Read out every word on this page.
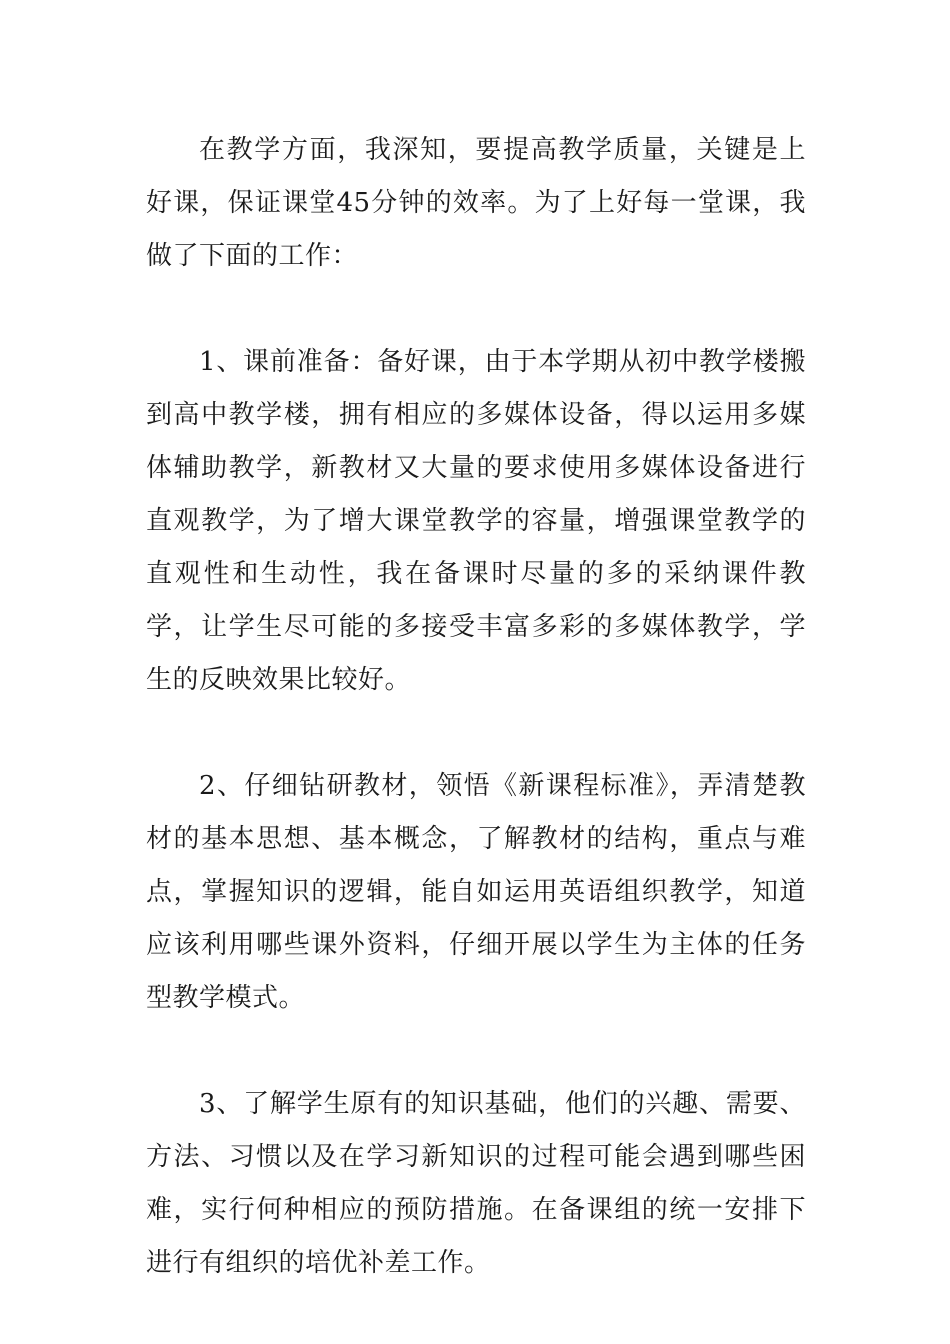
在教学方面，我深知，要提高教学质量，关键是上好课，保证课堂45分钟的效率。为了上好每一堂课，我做了下面的工作：

1、课前准备：备好课，由于本学期从初中教学楼搬到高中教学楼，拥有相应的多媒体设备，得以运用多媒体辅助教学，新教材又大量的要求使用多媒体设备进行直观教学，为了增大课堂教学的容量，增强课堂教学的直观性和生动性，我在备课时尽量的多的采纳课件教学，让学生尽可能的多接受丰富多彩的多媒体教学，学生的反映效果比较好。

2、仔细钻研教材，领悟《新课程标准》，弄清楚教材的基本思想、基本概念，了解教材的结构，重点与难点，掌握知识的逻辑，能自如运用英语组织教学，知道应该利用哪些课外资料，仔细开展以学生为主体的任务型教学模式。

3、了解学生原有的知识基础，他们的兴趣、需要、方法、习惯以及在学习新知识的过程可能会遇到哪些困难，实行何种相应的预防措施。在备课组的统一安排下进行有组织的培优补差工作。
